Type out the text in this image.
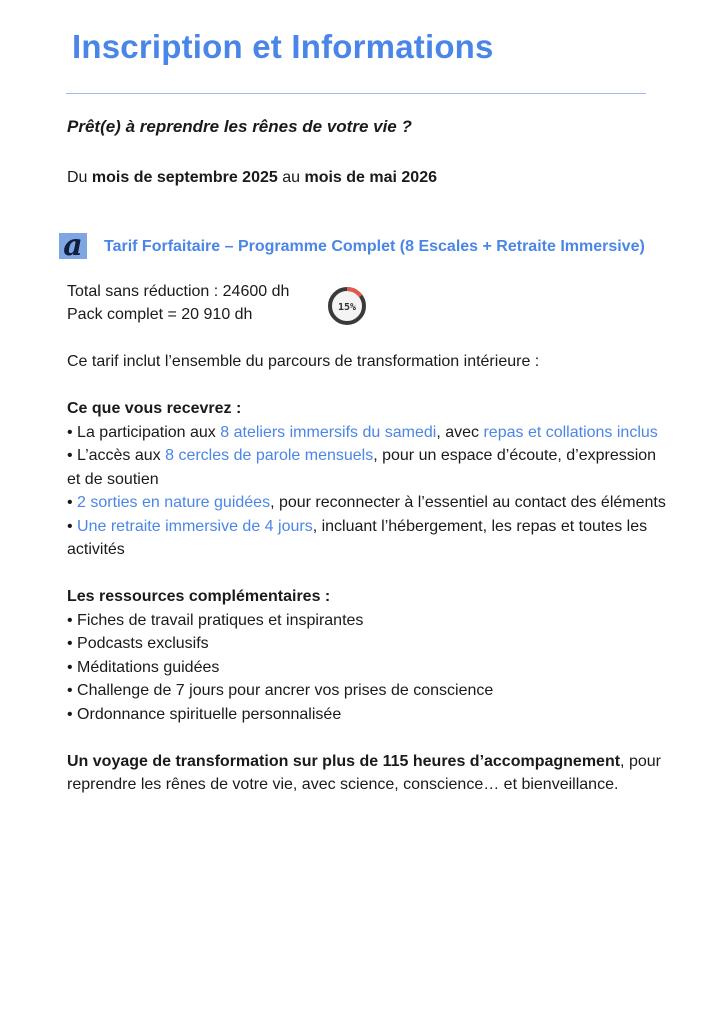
Inscription et Informations
Prêt(e) à reprendre les rênes de votre vie ?
Du mois de septembre 2025 au mois de mai 2026
a Tarif Forfaitaire – Programme Complet (8 Escales + Retraite Immersive)
Total sans réduction : 24600 dh
Pack complet = 20 910 dh	15%

Ce tarif inclut l’ensemble du parcours de transformation intérieure :

Ce que vous recevrez :

• La participation aux 8 ateliers immersifs du samedi, avec repas et collations inclus

• L’accès aux 8 cercles de parole mensuels, pour un espace d’écoute, d’expression et de soutien

• 2 sorties en nature guidées, pour reconnecter à l’essentiel au contact des éléments

• Une retraite immersive de 4 jours, incluant l’hébergement, les repas et toutes les activités

Les ressources complémentaires :

• Fiches de travail pratiques et inspirantes

• Podcasts exclusifs

• Méditations guidées

• Challenge de 7 jours pour ancrer vos prises de conscience

• Ordonnance spirituelle personnalisée

Un voyage de transformation sur plus de 115 heures d’accompagnement, pour reprendre les rênes de votre vie, avec science, conscience… et bienveillance.
